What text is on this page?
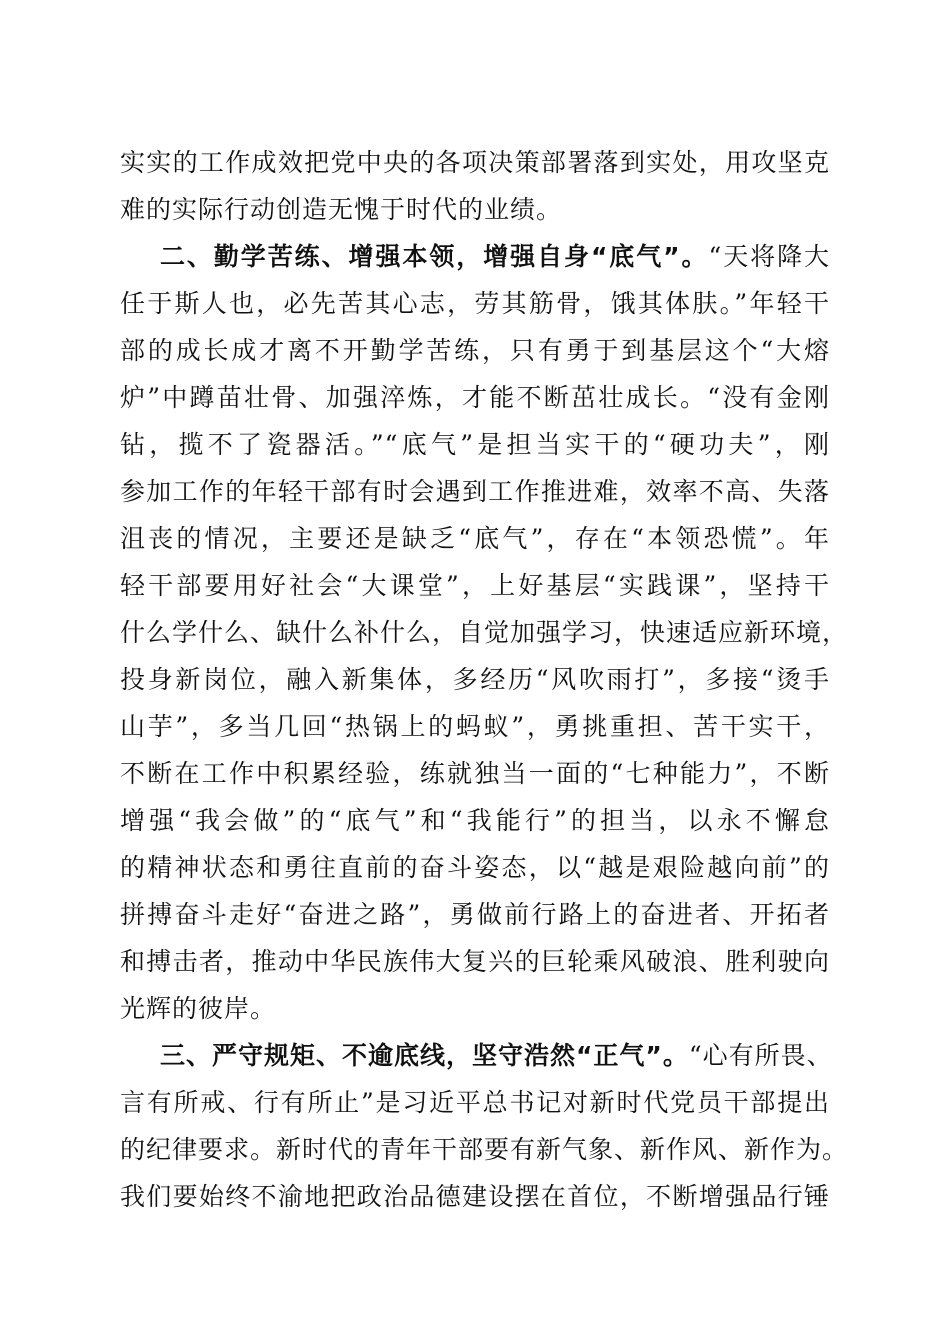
实实的工作成效把党中央的各项决策部署落到实处，用攻坚克
难的实际行动创造无愧于时代的业绩。
二、勤学苦练、增强本领，增强自身“底气”。“天将降大
任于斯人也，必先苦其心志，劳其筋骨，饿其体肤。”年轻干
部的成长成才离不开勤学苦练，只有勇于到基层这个“大熔
炉”中蹲苗壮骨、加强淬炼，才能不断茁壮成长。“没有金刚
钻，揽不了瓷器活。”“底气”是担当实干的“硬功夫”，刚
参加工作的年轻干部有时会遇到工作推进难，效率不高、失落
沮丧的情况，主要还是缺乏“底气”，存在“本领恐慌”。年
轻干部要用好社会“大课堂”，上好基层“实践课”，坚持干
什么学什么、缺什么补什么，自觉加强学习，快速适应新环境，
投身新岗位，融入新集体，多经历“风吹雨打”，多接“烫手
山芋”，多当几回“热锅上的蚂蚁”，勇挑重担、苦干实干，
不断在工作中积累经验，练就独当一面的“七种能力”，不断
增强“我会做”的“底气”和“我能行”的担当，以永不懈怠
的精神状态和勇往直前的奋斗姿态，以“越是艰险越向前”的
拼搏奋斗走好“奋进之路”，勇做前行路上的奋进者、开拓者
和搏击者，推动中华民族伟大复兴的巨轮乘风破浪、胜利驶向
光辉的彼岸。
三、严守规矩、不逾底线，坚守浩然“正气”。“心有所畏、
言有所戒、行有所止”是习近平总书记对新时代党员干部提出
的纪律要求。新时代的青年干部要有新气象、新作风、新作为。
我们要始终不渝地把政治品德建设摆在首位，不断增强品行锤
